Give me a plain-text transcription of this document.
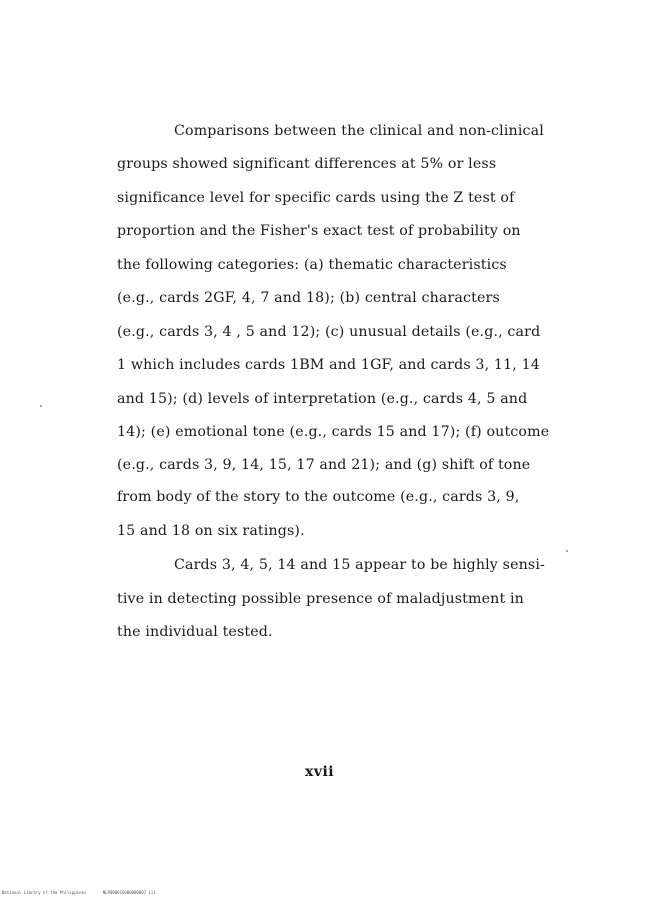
Comparisons between the clinical and non-clinical
groups showed significant differences at 5% or less
significance level for specific cards using the Z test of
proportion and the Fisher's exact test of probability on
the following categories: (a) thematic characteristics
(e.g., cards 2GF, 4, 7 and 18); (b) central characters
(e.g., cards 3, 4 , 5 and 12); (c) unusual details (e.g., card
1 which includes cards 1BM and 1GF, and cards 3, 11, 14
and 15); (d) levels of interpretation (e.g., cards 4, 5 and
14); (e) emotional tone (e.g., cards 15 and 17); (f) outcome
(e.g., cards 3, 9, 14, 15, 17 and 21); and (g) shift of tone
from body of the story to the outcome (e.g., cards 3, 9,
15 and 18 on six ratings).
Cards 3, 4, 5, 14 and 15 appear to be highly sensi-
tive in detecting possible presence of maladjustment in
the individual tested.
xvii
National Library of the Philippines	NLP000016000000007 iii
